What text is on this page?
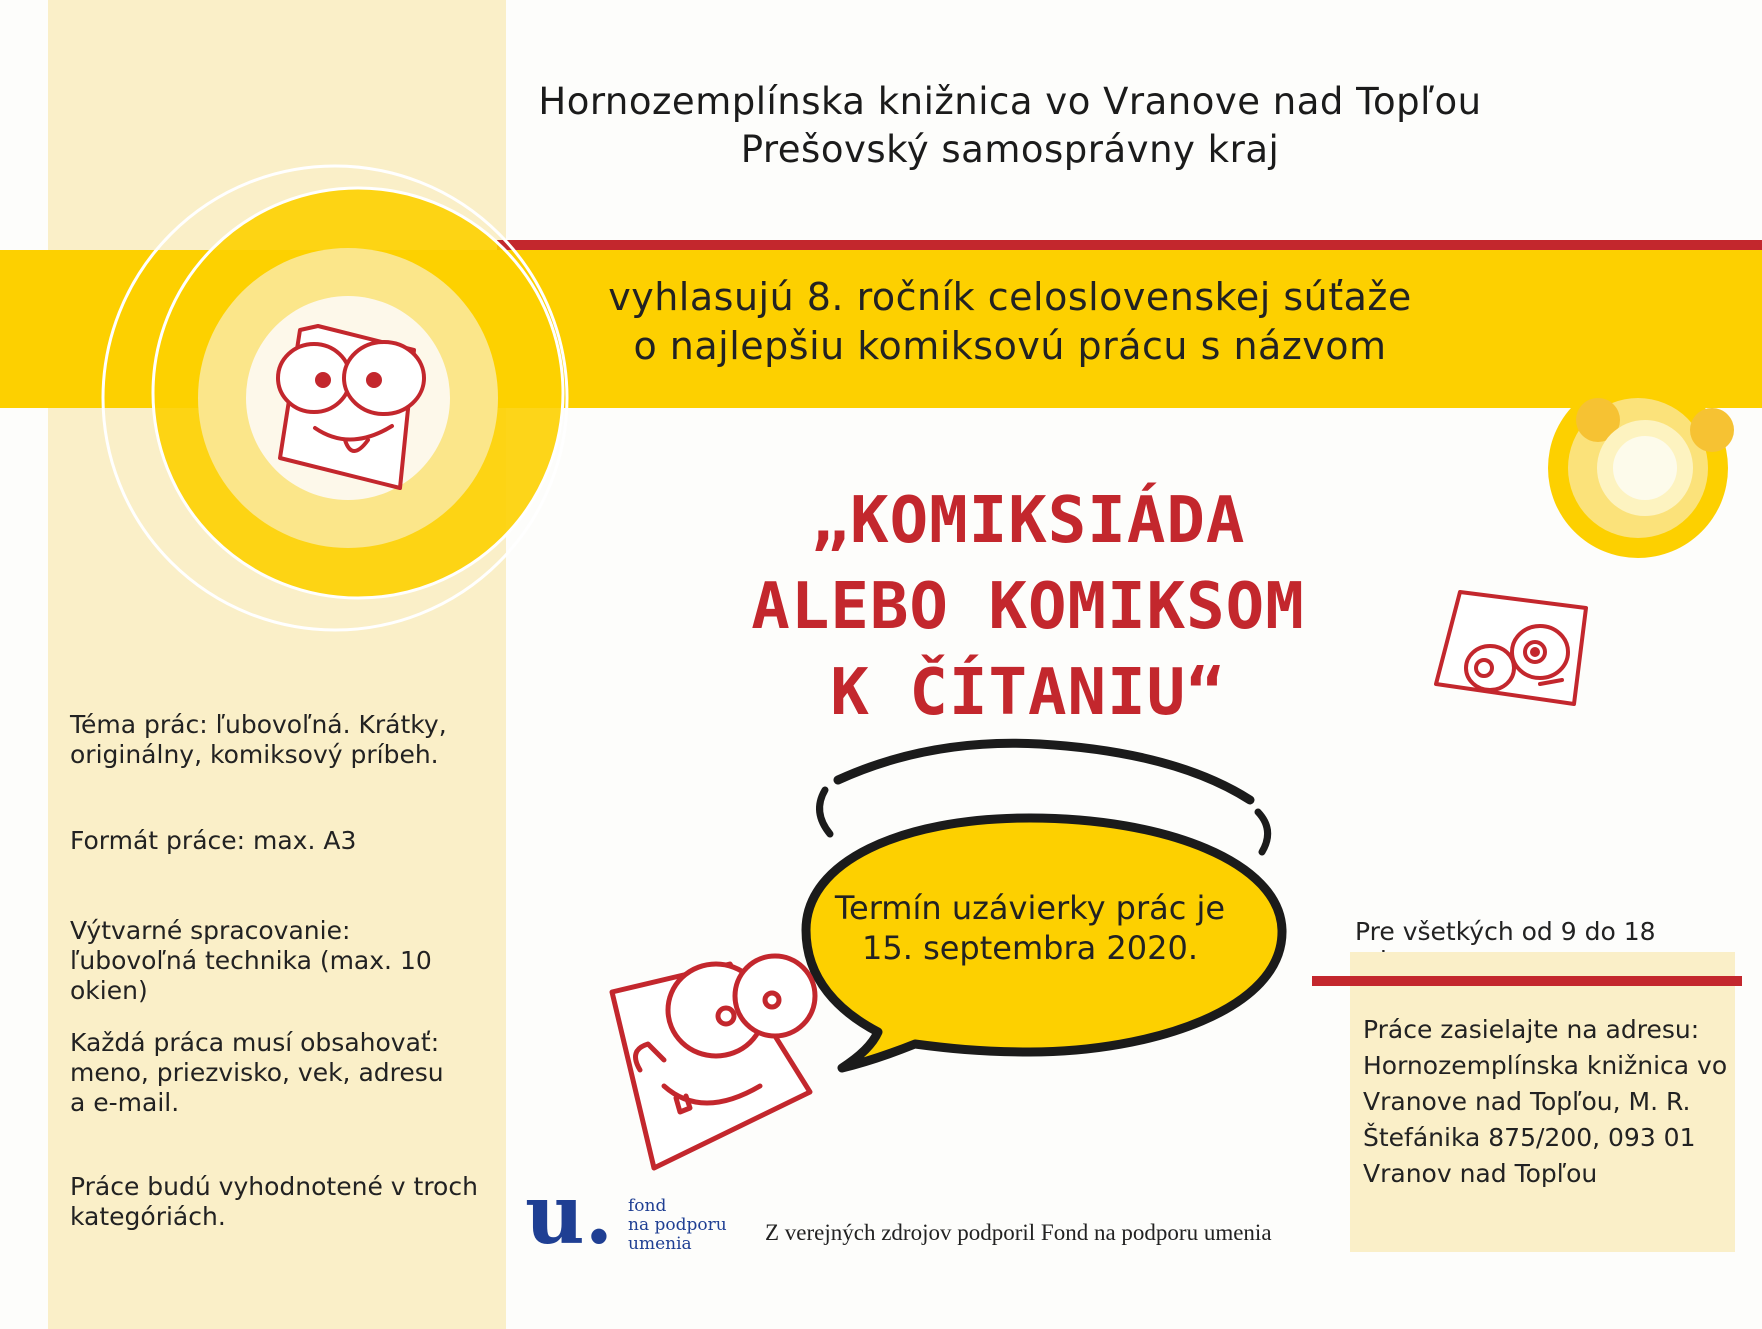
Hornozemplínska knižnica vo Vranove nad Topľou
Prešovský samosprávny kraj
vyhlasujú 8. ročník celoslovenskej súťaže
o najlepšiu komiksovú prácu s názvom
„KOMIKSIÁDA
ALEBO KOMIKSOM
K ČÍTANIU“
Téma prác: ľubovoľná. Krátky,
originálny, komiksový príbeh.
Formát práce: max. A3
Výtvarné spracovanie:
ľubovoľná technika (max. 10 okien)
Každá práca musí obsahovať:
meno, priezvisko, vek, adresu
a e-mail.
Práce budú vyhodnotené v troch
kategóriách.
Termín uzávierky prác je
15. septembra 2020.	Pre všetkých od 9 do 18
Práce zasielajte na adresu:
Hornozemplínska knižnica vo
Vranove nad Topľou, M. R.
Štefánika 875/200, 093 01
Vranov nad Topľou
u. fond
na podporu
umenia	Z verejných zdrojov podporil Fond na podporu umenia
